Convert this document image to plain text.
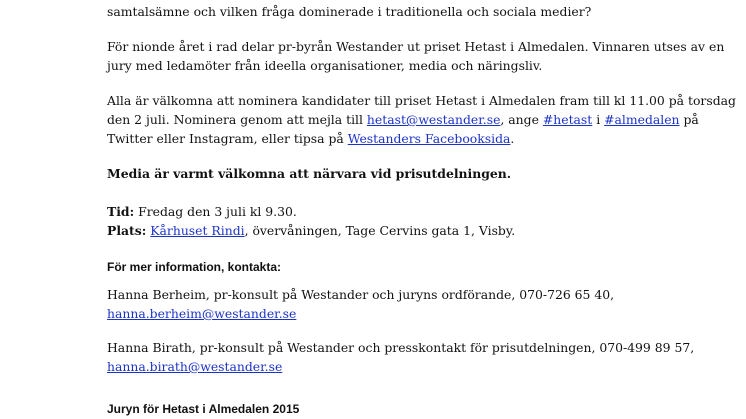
samtalsämne och vilken fråga dominerade i traditionella och sociala medier?
För nionde året i rad delar pr-byrån Westander ut priset Hetast i Almedalen. Vinnaren utses av en
jury med ledamöter från ideella organisationer, media och näringsliv.
Alla är välkomna att nominera kandidater till priset Hetast i Almedalen fram till kl 11.00 på torsdag
den 2 juli. Nominera genom att mejla till hetast@westander.se, ange #hetast i #almedalen på
Twitter eller Instagram, eller tipsa på Westanders Facebooksida.
Media är varmt välkomna att närvara vid prisutdelningen.
Tid: Fredag den 3 juli kl 9.30.
Plats: Kårhuset Rindi, övervåningen, Tage Cervins gata 1, Visby.
För mer information, kontakta:
Hanna Berheim, pr-konsult på Westander och juryns ordförande, 070-726 65 40,
hanna.berheim@westander.se
Hanna Birath, pr-konsult på Westander och presskontakt för prisutdelningen, 070-499 89 57,
hanna.birath@westander.se
Juryn för Hetast i Almedalen 2015
